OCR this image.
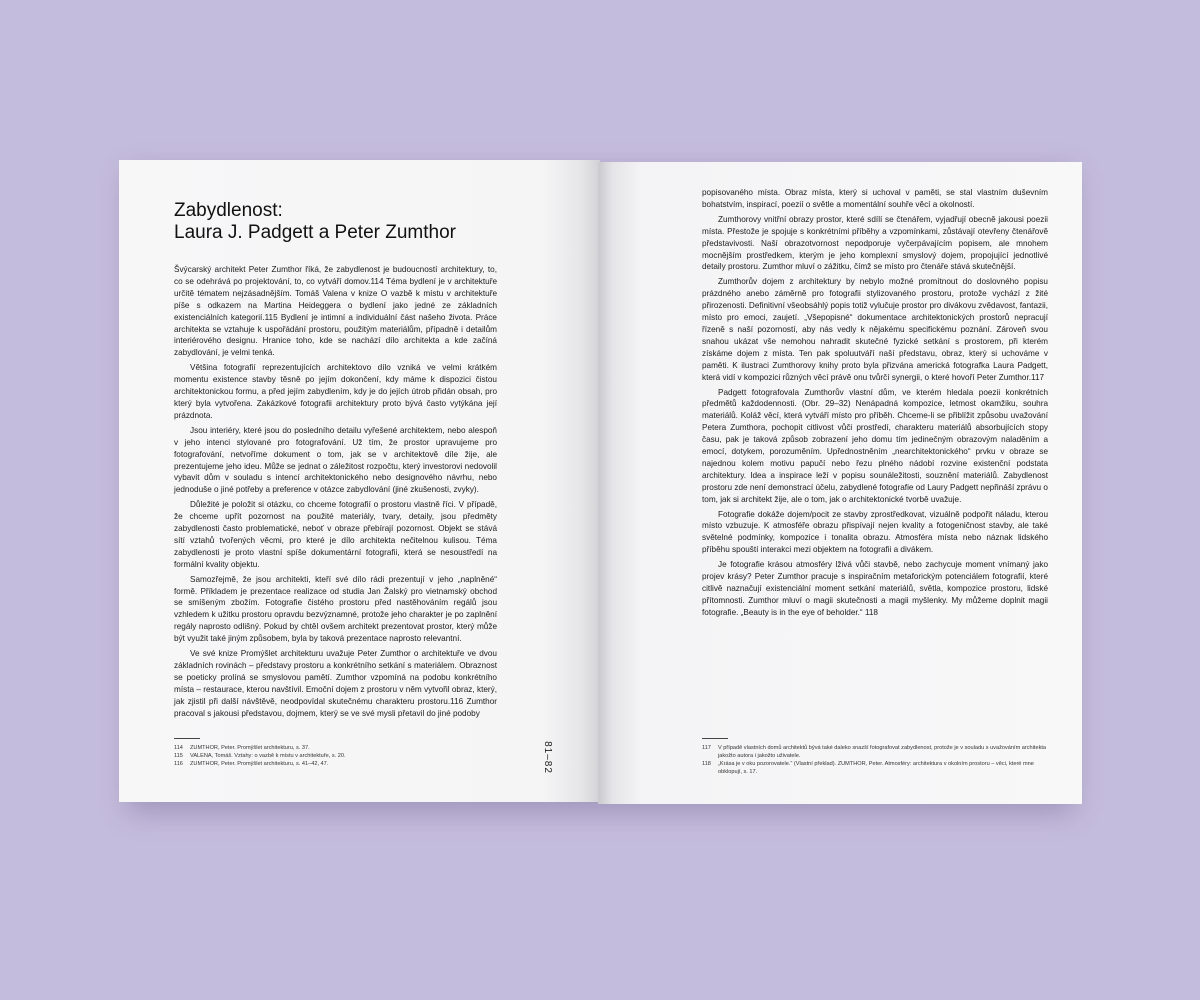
Zabydlenost:
Laura J. Padgett a Peter Zumthor

Švýcarský architekt Peter Zumthor říká, že zabydlenost je budoucností architektury, to, co se odehrává po projektování, to, co vytváří domov.114 Téma bydlení je v architektuře určitě tématem nejzásadnějším. Tomáš Valena v knize O vazbě k místu v architektuře píše s odkazem na Martina Heideggera o bydlení jako jedné ze základních existenciálních kategorií.115 Bydlení je intimní a individuální část našeho života. Práce architekta se vztahuje k uspořádání prostoru, použitým materiálům, případně i detailům interiérového designu. Hranice toho, kde se nachází dílo architekta a kde začíná zabydlování, je velmi tenká.

Většina fotografií reprezentujících architektovo dílo vzniká ve velmi krátkém momentu existence stavby těsně po jejím dokončení, kdy máme k dispozici čistou architektonickou formu, a před jejím zabydlením, kdy je do jejích útrob přidán obsah, pro který byla vytvořena. Zakázkové fotografii architektury proto bývá často vytýkána její prázdnota.

Jsou interiéry, které jsou do posledního detailu vyřešené architektem, nebo alespoň v jeho intenci stylované pro fotografování. Už tím, že prostor upravujeme pro fotografování, netvoříme dokument o tom, jak se v architektově díle žije, ale prezentujeme jeho ideu. Může se jednat o záležitost rozpočtu, který investorovi nedovolil vybavit dům v souladu s intencí architektonického nebo designového návrhu, nebo jednoduše o jiné potřeby a preference v otázce zabydlování (jiné zkušenosti, zvyky).

Důležité je položit si otázku, co chceme fotografií o prostoru vlastně říci. V případě, že chceme upřít pozornost na použité materiály, tvary, detaily, jsou předměty zabydlenosti často problematické, neboť v obraze přebírají pozornost. Objekt se stává sítí vztahů tvořených věcmi, pro které je dílo architekta nečitelnou kulisou. Téma zabydlenosti je proto vlastní spíše dokumentární fotografii, která se nesoustředí na formální kvality objektu.

Samozřejmě, že jsou architekti, kteří své dílo rádi prezentují v jeho „naplněné“ formě. Příkladem je prezentace realizace od studia Jan Žalský pro vietnamský obchod se smíšeným zbožím. Fotografie čistého prostoru před nastěhováním regálů jsou vzhledem k užitku prostoru opravdu bezvýznamné, protože jeho charakter je po zaplnění regály naprosto odlišný. Pokud by chtěl ovšem architekt prezentovat prostor, který může být využit také jiným způsobem, byla by taková prezentace naprosto relevantní.

Ve své knize Promýšlet architekturu uvažuje Peter Zumthor o architektuře ve dvou základních rovinách – představy prostoru a konkrétního setkání s materiálem. Obraznost se poeticky prolíná se smyslovou pamětí. Zumthor vzpomíná na podobu konkrétního místa – restaurace, kterou navštívil. Emoční dojem z prostoru v něm vytvořil obraz, který, jak zjistil při další návštěvě, neodpovídal skutečnému charakteru prostoru.116 Zumthor pracoval s jakousi představou, dojmem, který se ve své mysli přetavil do jiné podoby

114	ZUMTHOR, Peter. Promýšlet architekturu, s. 37.
115	VALENA, Tomáš. Vztahy: o vazbě k místu v architektuře, s. 20.
116	ZUMTHOR, Peter. Promýšlet architekturu, s. 41–42, 47.	81–82

popisovaného místa. Obraz místa, který si uchoval v paměti, se stal vlastním duševním bohatstvím, inspirací, poezií o světle a momentální souhře věcí a okolností.

Zumthorovy vnitřní obrazy prostor, které sdílí se čtenářem, vyjadřují obecně jakousi poezii místa. Přestože je spojuje s konkrétními příběhy a vzpomínkami, zůstávají otevřeny čtenářově představivosti. Naší obrazotvornost nepodporuje vyčerpávajícím popisem, ale mnohem mocnějším prostředkem, kterým je jeho komplexní smyslový dojem, propojující jednotlivé detaily prostoru. Zumthor mluví o zážitku, čímž se místo pro čtenáře stává skutečnější.

Zumthorův dojem z architektury by nebylo možné promítnout do doslovného popisu prázdného anebo záměrně pro fotografii stylizovaného prostoru, protože vychází z žité přirozenosti. Definitivní všeobsáhlý popis totiž vylučuje prostor pro divákovu zvědavost, fantazii, místo pro emoci, zaujetí. „Všepopisné“ dokumentace architektonických prostorů nepracují řízeně s naší pozorností, aby nás vedly k nějakému specifickému poznání. Zároveň svou snahou ukázat vše nemohou nahradit skutečné fyzické setkání s prostorem, při kterém získáme dojem z místa. Ten pak spoluutváří naší představu, obraz, který si uchováme v paměti. K ilustraci Zumthorovy knihy proto byla přizvána americká fotografka Laura Padgett, která vidí v kompozici různých věcí právě onu tvůrčí synergii, o které hovoří Peter Zumthor.117

Padgett fotografovala Zumthorův vlastní dům, ve kterém hledala poezii konkrétních předmětů každodennosti. (Obr. 29–32) Nenápadná kompozice, letmost okamžiku, souhra materiálů. Koláž věcí, která vytváří místo pro příběh. Chceme-li se přiblížit způsobu uvažování Petera Zumthora, pochopit citlivost vůči prostředí, charakteru materiálů absorbujících stopy času, pak je taková způsob zobrazení jeho domu tím jedinečným obrazovým naladěním a emocí, dotykem, porozuměním. Upřednostněním „nearchitektonického“ prvku v obraze se najednou kolem motivu papučí nebo řezu plného nádobí rozvine existenční podstata architektury. Idea a inspirace leží v popisu sounáležitosti, souznění materiálů. Zabydlenost prostoru zde není demonstrací účelu, zabydlené fotografie od Laury Padgett nepřináší zprávu o tom, jak si architekt žije, ale o tom, jak o architektonické tvorbě uvažuje.

Fotografie dokáže dojem/pocit ze stavby zprostředkovat, vizuálně podpořit náladu, kterou místo vzbuzuje. K atmosféře obrazu přispívají nejen kvality a fotogeničnost stavby, ale také světelné podmínky, kompozice i tonalita obrazu. Atmosféra místa nebo náznak lidského příběhu spouští interakci mezi objektem na fotografii a divákem.

Je fotografie krásou atmosféry lživá vůči stavbě, nebo zachycuje moment vnímaný jako projev krásy? Peter Zumthor pracuje s inspiračním metaforickým potenciálem fotografií, které citlivě naznačují existenciální moment setkání materiálů, světla, kompozice prostoru, lidské přítomnosti. Zumthor mluví o magii skutečnosti a magii myšlenky. My můžeme doplnit magii fotografie. „Beauty is in the eye of beholder.“ 118

117	V případě vlastních domů architektů bývá také daleko snazší fotografovat zabydlenost, protože je v souladu s uvažováním architekta jakožto autora i jakožto uživatele.
118	„Krása je v oku pozorovatele.“ (Vlastní překlad). ZUMTHOR, Peter. Atmosféry: architektura v okolním prostoru – věci, které mne obklopují, s. 17.
